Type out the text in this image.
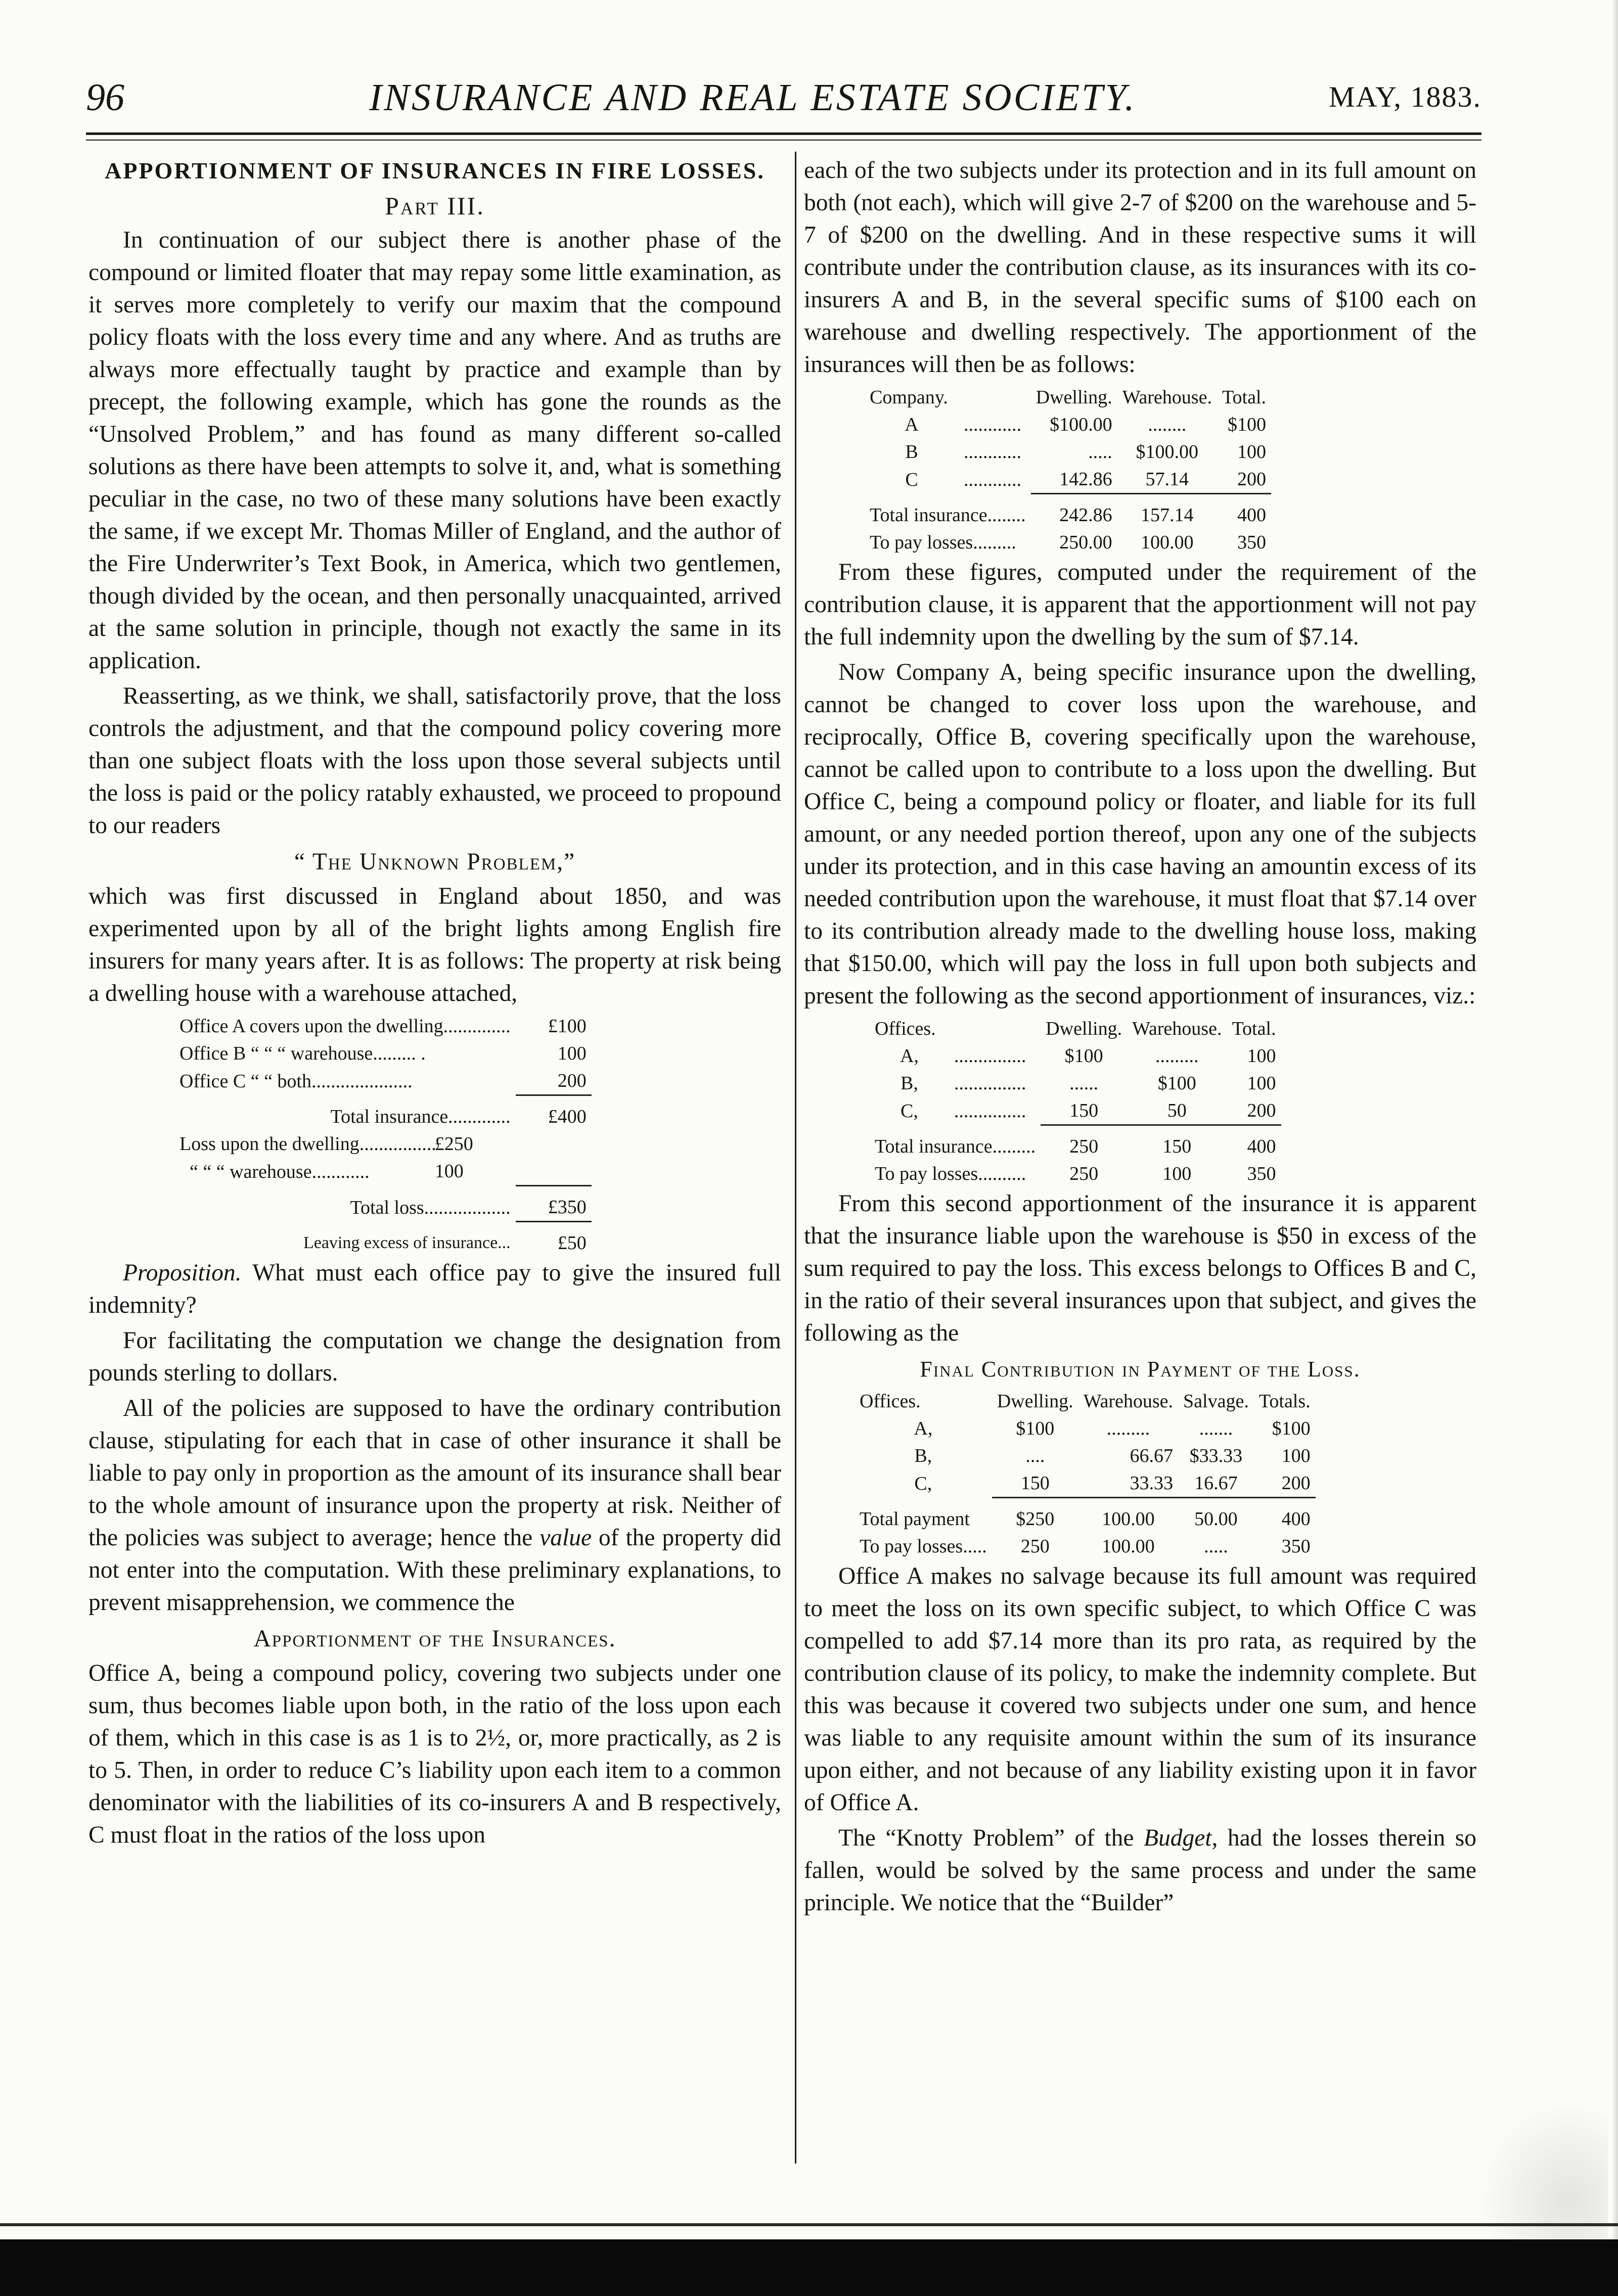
96	INSURANCE AND REAL ESTATE SOCIETY.	MAY, 1883.
APPORTIONMENT OF INSURANCES IN FIRE LOSSES.
Part III.

In continuation of our subject there is another phase of the compound or limited floater that may repay some little examination, as it serves more completely to verify our maxim that the compound policy floats with the loss every time and any where. And as truths are always more effectually taught by practice and example than by precept, the following example, which has gone the rounds as the “Unsolved Problem,” and has found as many different so-called solutions as there have been attempts to solve it, and, what is something peculiar in the case, no two of these many solutions have been exactly the same, if we except Mr. Thomas Miller of England, and the author of the Fire Underwriter’s Text Book, in America, which two gentlemen, though divided by the ocean, and then personally unacquainted, arrived at the same solution in principle, though not exactly the same in its application.

Reasserting, as we think, we shall, satisfactorily prove, that the loss controls the adjustment, and that the compound policy covering more than one subject floats with the loss upon those several subjects until the loss is paid or the policy ratably exhausted, we proceed to propound to our readers

“ The Unknown Problem,”

which was first discussed in England about 1850, and was experimented upon by all of the bright lights among English fire insurers for many years after. It is as follows: The property at risk being a dwelling house with a warehouse attached,

Office A covers upon the dwelling..............	£100
Office B “ “ “ warehouse......... .	100
Office C “ “ both.....................	200

Total insurance.............	£400
Loss upon the dwelling................	£250
“ “ “ warehouse............	100

Total loss..................	£350

Leaving excess of insurance...	£50

Proposition. What must each office pay to give the insured full indemnity?

For facilitating the computation we change the designation from pounds sterling to dollars.

All of the policies are supposed to have the ordinary contribution clause, stipulating for each that in case of other insurance it shall be liable to pay only in proportion as the amount of its insurance shall bear to the whole amount of insurance upon the property at risk. Neither of the policies was subject to average; hence the value of the property did not enter into the computation. With these preliminary explanations, to prevent misapprehension, we commence the

Apportionment of the Insurances.

Office A, being a compound policy, covering two subjects under one sum, thus becomes liable upon both, in the ratio of the loss upon each of them, which in this case is as 1 is to 2½, or, more practically, as 2 is to 5. Then, in order to reduce C’s liability upon each item to a common denominator with the liabilities of its co-insurers A and B respectively, C must float in the ratios of the loss upon

each of the two subjects under its protection and in its full amount on both (not each), which will give 2-7 of $200 on the warehouse and 5-7 of $200 on the dwelling. And in these respective sums it will contribute under the contribution clause, as its insurances with its co-insurers A and B, in the several specific sums of $100 each on warehouse and dwelling respectively. The apportionment of the insurances will then be as follows:

Company.		Dwelling.	Warehouse.	Total.
A	............	$100.00	........	$100
B	............	.....	$100.00	100
C	............	142.86	57.14	200

Total insurance........		242.86	157.14	400
To pay losses.........		250.00	100.00	350

From these figures, computed under the requirement of the contribution clause, it is apparent that the apportionment will not pay the full indemnity upon the dwelling by the sum of $7.14.

Now Company A, being specific insurance upon the dwelling, cannot be changed to cover loss upon the warehouse, and reciprocally, Office B, covering specifically upon the warehouse, cannot be called upon to contribute to a loss upon the dwelling. But Office C, being a compound policy or floater, and liable for its full amount, or any needed portion thereof, upon any one of the subjects under its protection, and in this case having an amountin excess of its needed contribution upon the warehouse, it must float that $7.14 over to its contribution already made to the dwelling house loss, making that $150.00, which will pay the loss in full upon both subjects and present the following as the second apportionment of insurances, viz.:

Offices.		Dwelling.	Warehouse.	Total.
A,	...............	$100	.........	100
B,	...............	......	$100	100
C,	...............	150	50	200

Total insurance.........		250	150	400
To pay losses..........		250	100	350

From this second apportionment of the insurance it is apparent that the insurance liable upon the warehouse is $50 in excess of the sum required to pay the loss. This excess belongs to Offices B and C, in the ratio of their several insurances upon that subject, and gives the following as the

Final Contribution in Payment of the Loss.
Offices.	Dwelling.	Warehouse.	Salvage.	Totals.
A,	$100	.........	.......	$100
B,	....	66.67	$33.33	100
C,	150	33.33	16.67	200

Total payment	$250	100.00	50.00	400
To pay losses.....	250	100.00	.....	350

Office A makes no salvage because its full amount was required to meet the loss on its own specific subject, to which Office C was compelled to add $7.14 more than its pro rata, as required by the contribution clause of its policy, to make the indemnity complete. But this was because it covered two subjects under one sum, and hence was liable to any requisite amount within the sum of its insurance upon either, and not because of any liability existing upon it in favor of Office A.

The “Knotty Problem” of the Budget, had the losses therein so fallen, would be solved by the same process and under the same principle. We notice that the “Builder”
